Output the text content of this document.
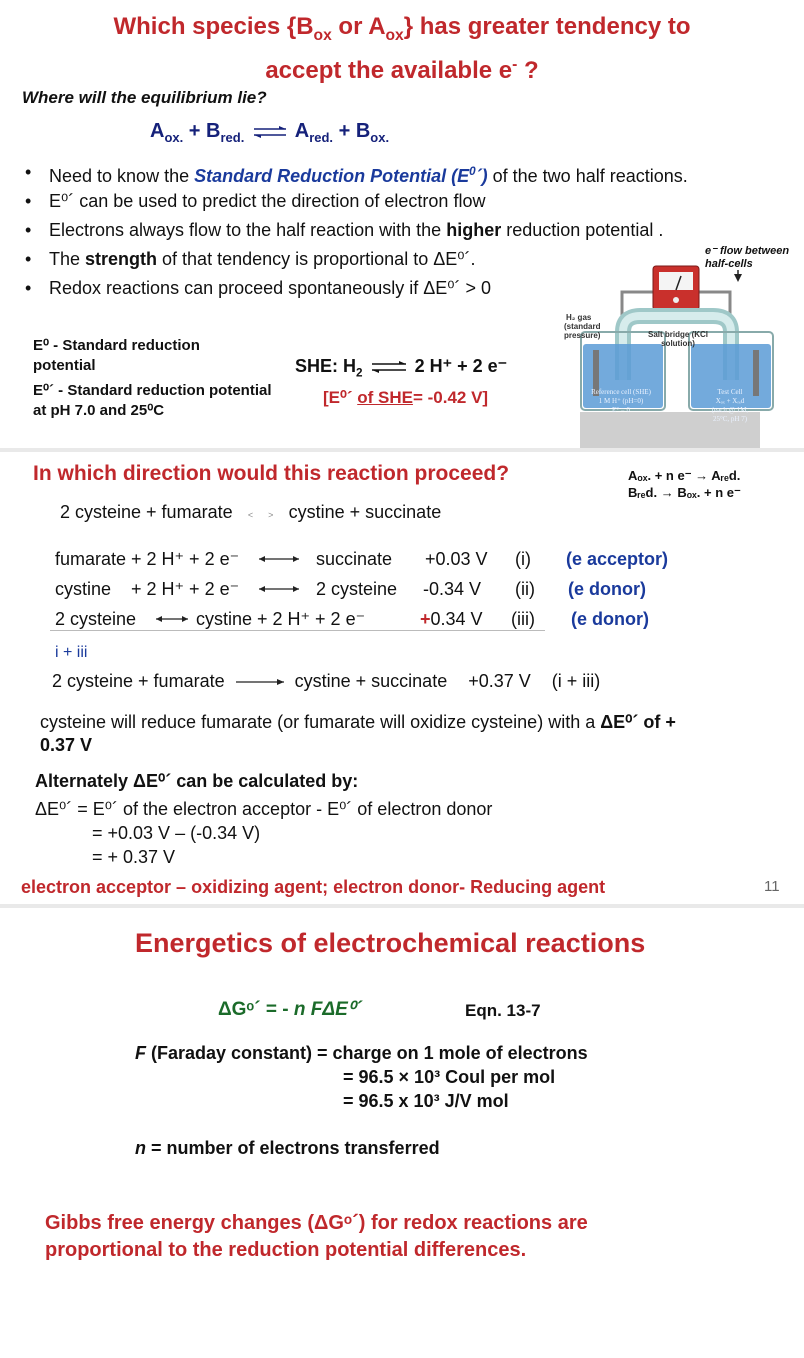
Which species {$B_{ox}$ or $A_{ox}$} has greater tendency to
accept the available e- ?
Where will the equilibrium lie?
$A_{ox.} + B_{red.}$ ⇌ $A_{red.} + B_{ox.}$
• Need to know the Standard Reduction Potential $(E^0´)$ of the two half reactions.
• E⁰´ can be used to predict the direction of electron flow
• Electrons always flow to the half reaction with the higher reduction potential .
• The strength of that tendency is proportional to ΔE⁰´.
• Redox reactions can proceed spontaneously if ΔE⁰´ > 0
E⁰ - Standard reduction potential
E⁰´ - Standard reduction potential at pH 7.0 and 25⁰C
SHE: $H_2$ ⇌ 2 H⁺ + 2 e⁻
[E⁰´ of SHE= -0.42 V]
e⁻ flow between half-cells
H₂ gas
(standard pressure)	Salt bridge (KCl solution)
Reference cell (SHE)
1 M H⁺ (pH=0)
E° = 0
Test Cell
Xₒₓ + Xᵣₑd
(each @ 1M,
25°C, pH 7)
In which direction would this reaction proceed?	Aₒₓ. + n e⁻ → Aᵣₑd.
Bᵣₑd. → Bₒₓ. + n e⁻
2 cysteine + fumarate <      > cystine + succinate
fumarate + 2 H⁺ + 2 e⁻	succinate +0.03 V (i) (e acceptor)
cystine    + 2 H⁺ + 2 e⁻	2 cysteine -0.34 V (ii) (e donor)
2 cysteine	cystine + 2 H⁺ + 2 e⁻	+0.34 V (iii) (e donor)
i + iii
2 cysteine + fumarate	cystine + succinate +0.37 V (i + iii)
cysteine will reduce fumarate (or fumarate will oxidize cysteine) with a ΔE⁰´ of +
0.37 V
Alternately ΔE⁰´ can be calculated by:
ΔE⁰´ = E⁰´ of the electron acceptor - E⁰´ of electron donor
= +0.03 V – (-0.34 V)
= + 0.37 V
electron acceptor – oxidizing agent; electron donor- Reducing agent	11
Energetics of electrochemical reactions
ΔGᵒ´ = - n FΔE⁰´	Eqn. 13-7
F (Faraday constant) = charge on 1 mole of electrons
= 96.5 × 10³ Coul per mol
= 96.5 x 10³ J/V mol
n = number of electrons transferred
Gibbs free energy changes (ΔGᵒ´) for redox reactions are
proportional to the reduction potential differences.
